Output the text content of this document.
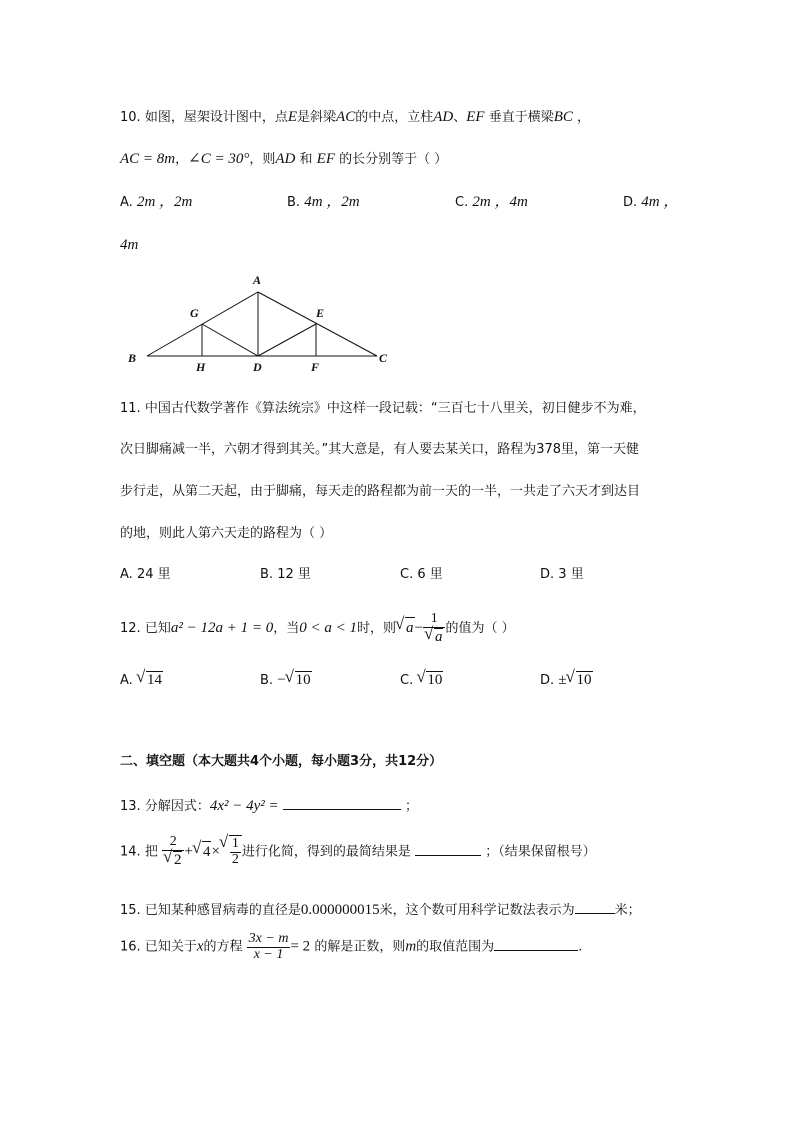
10. 如图，屋架设计图中，点E是斜梁AC的中点，立柱AD、EF 垂直于横梁BC ，
AC = 8m，∠C = 30°，则AD 和 EF 的长分别等于（ ）
A. 2m ，2m	B. 4m ，2m	C. 2m ，4m	D. 4m ，
4m
A
G	E
B
H	D	F
C
11. 中国古代数学著作《算法统宗》中这样一段记载：“三百七十八里关，初日健步不为难，
次日脚痛减一半，六朝才得到其关。”其大意是，有人要去某关口，路程为378里，第一天健
步行走，从第二天起，由于脚痛，每天走的路程都为前一天的一半，一共走了六天才到达目
的地，则此人第六天走的路程为（ ）
A. 24 里	B. 12 里	C. 6 里	D. 3 里
12. 已知a² − 12a + 1 = 0，当0 < a < 1时，则 √ a− 1
√ a 的值为（ ）
A. √ 14	B. − √ 10	C. √ 10	D. ± √ 10
二、填空题（本大题共4个小题，每小题3分，共12分）
13. 分解因式：4x² − 4y² =	；
14. 把 2
√ 2 + √ 4× √ $\frac{1}{2}$ 进行化简，得到的最简结果是	；（结果保留根号）
15. 已知某种感冒病毒的直径是0.000000015米，这个数可用科学记数法表示为	米；
16. 已知关于x的方程 $\frac{3x - m}{x - 1} = 2$ 的解是正数，则m的取值范围为	.
